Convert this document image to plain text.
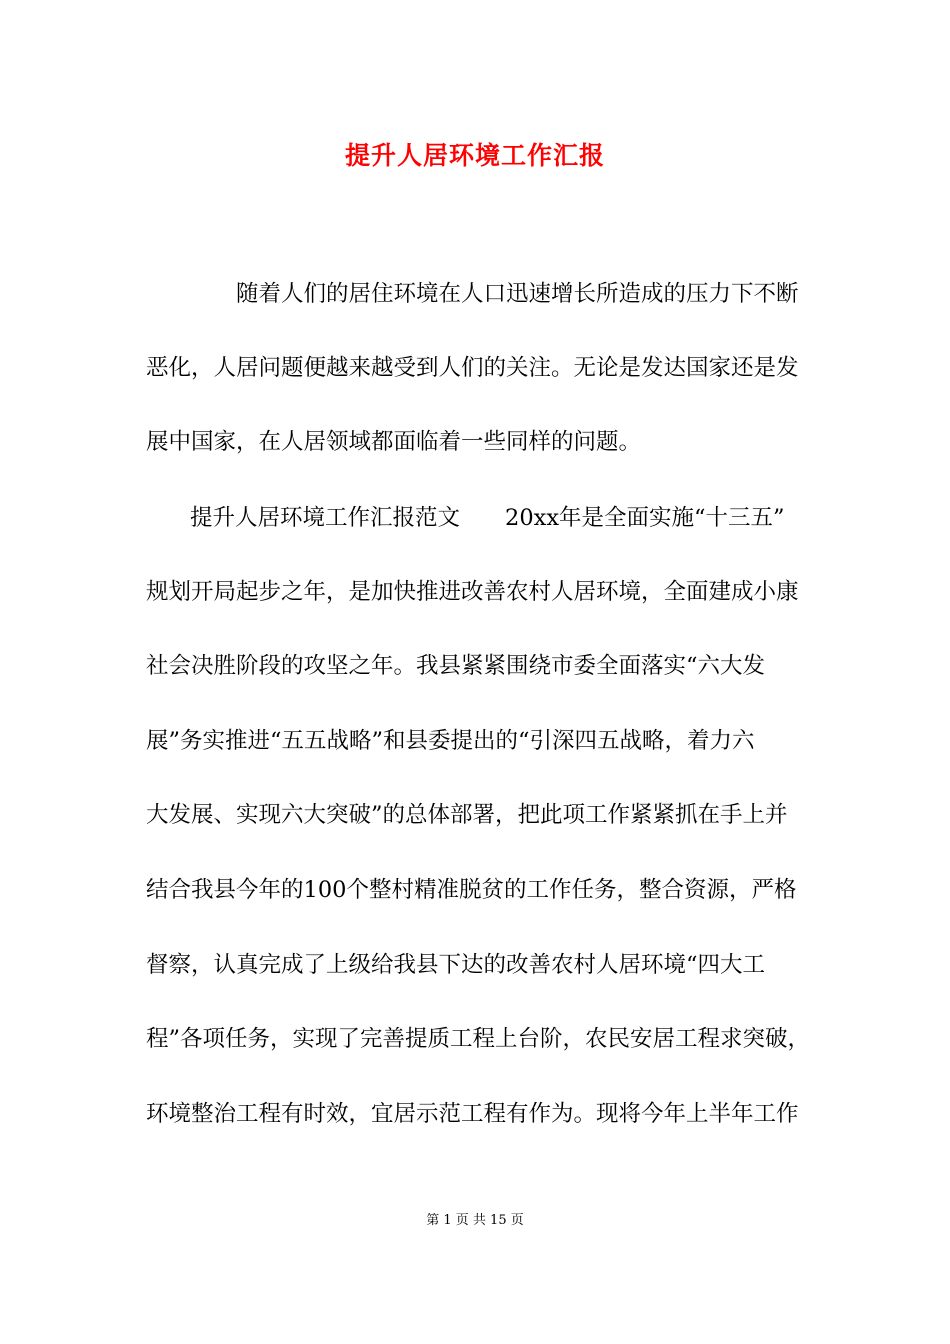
提升人居环境工作汇报

随着人们的居住环境在人口迅速增长所造成的压力下不断

恶化，人居问题便越来越受到人们的关注。无论是发达国家还是发

展中国家，在人居领域都面临着一些同样的问题。

提升人居环境工作汇报范文　　20xx年是全面实施“十三五”

规划开局起步之年，是加快推进改善农村人居环境，全面建成小康

社会决胜阶段的攻坚之年。我县紧紧围绕市委全面落实“六大发

展”务实推进“五五战略”和县委提出的“引深四五战略，着力六

大发展、实现六大突破”的总体部署，把此项工作紧紧抓在手上并

结合我县今年的100个整村精准脱贫的工作任务，整合资源，严格

督察，认真完成了上级给我县下达的改善农村人居环境“四大工

程”各项任务，实现了完善提质工程上台阶，农民安居工程求突破，

环境整治工程有时效，宜居示范工程有作为。现将今年上半年工作

第 1 页 共 15 页
